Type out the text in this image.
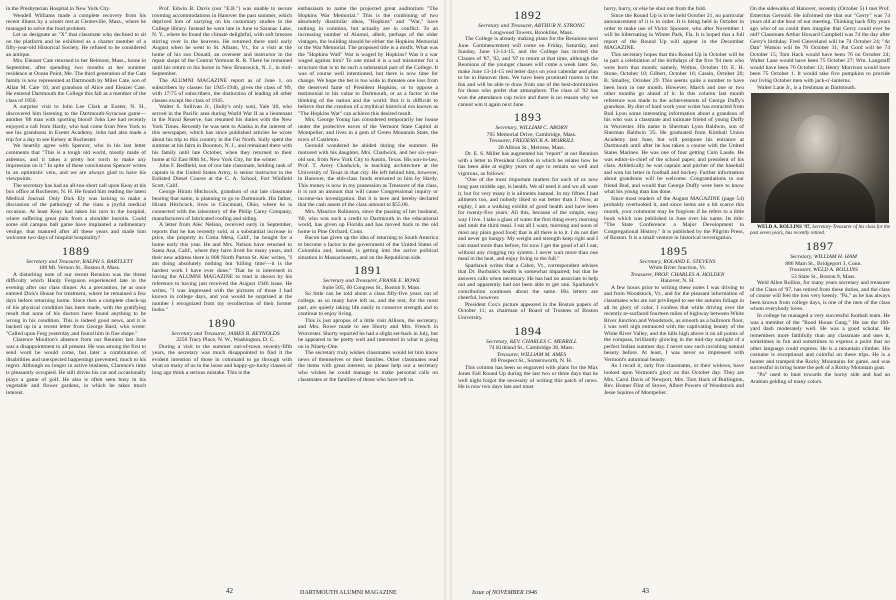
in the Presbyterian Hospital in New York City.

Wendell Williams made a complete recovery from his recent illness by a winter rest at Centreville, Mass., where he managed to solve the food problem.

Let us designate as "X" that classmate who declined to sit on the platform and be exhibited as a charter member of a fifty-year-old Historical Society. He refused to be considered an antique.

Mrs. Eleazer Cate returned to her Belmont, Mass., home in September, after spending two months at her summer residence at Ocean Point, Me. The third generation of the Cate family is now represented at Dartmouth by Miles Cate, son of Allan M. Cate '10, and grandson of Alice and Eleazer Cate. He entered Dartmouth the College this fall as a member of the class of 1950.

A surprise visit to John Lee Clark at Exeter, N. H., discovered him listening to the Dartmouth-Syracuse game—another '88 man with sporting blood! John Lee had recently enjoyed a call from Hardy, who had come from New York to see his grandsons in Exeter Academy. John had also made a trip for a day to see Kelsey at Rochester.

We heartily agree with Spencer, who in his last letter comments that "This is a tough old world, mostly made of asbestos, and it takes a pretty hot torch to make any impression on it." In spite of these conclusions Spencer writes in an optimistic vein, and we are always glad to have his viewpoints.

The secretary has had an all-too-short call upon Keay at his box office at Rochester, N. H. He found him reading the latest Medical Journal. Only Dick Ely was lacking to make a discussion of the pathology of the class a joyful medical occasion. At least Keay had taken his turn in the hospital, where suffering great pain from a shoulder bursitis. Could some old campus ball game have implanted a rudimentary vestige, that matured after all these years and made him welcome two days of hospital hospitality?

1889

Secretary and Treasurer, RALPH S. BARTLETT

108 Mt. Vernon St., Boston 8, Mass.

A disturbing note of our recent Reunion was the threat difficulty which Hardy Ferguson experienced late in the evening after our class dinner. As a precaution, he at once entered Dick's House for treatment, where he remained a few days before returning home. Since then a complete check-up of his physical condition has been made, with the gratifying result that none of his doctors have found anything to be wrong in his condition. This is indeed good news, and it is backed up in a recent letter from George Bard, who wrote: "Called upon Ferg yesterday and found him in fine shape."

Clarence Moulton's absence from our Reunion last June was a disappointment to all present. He was among the first to send word he would come, but later a combination of disabilities and unexpected happenings prevented, much to his regret. Although no longer in active business, Clarence's time is pleasantly occupied. He still drives his car and occasionally plays a game of golf. He also is often seen busy in his vegetable and flower gardens, in which he takes much interest.

Prof. Edwin B. Davis (our "E.B.") was unable to secure rooming accommodations in Hanover the past summer, which deprived him of carrying on his customary studies in the College library. Instead he went late in June to Saranac Lake, N. Y., where he found the climate delightful, with soft breezes stirring over in the heavens. He returned there until early August when he went to St. Albans, Vt., for a visit at the home of his son Donald, an overseer and instructor in the repair shops of the Central Vermont R. R. There he remained until his return to his home in New Brunswick, N. J., in mid-September.

The ALUMNI MAGAZINE report as of June 1, on subscribers by classes for 1945-1946, gives the class of '89, with 17/75 of subscribers, the distinction of leading all other classes except the class of 1945.

Walter S. Sullivan Jr., (Sully's only son), Yale '40, who served in the Pacific area during World War II as a lieutenant in the Naval Reserve, has resumed his duties with the New York Times. Recently he was sent to Alaska in the interest of this newspaper, which has since published articles he wrote about his trip to this country in the Far North. Sully spent the summer at his farm in Boonton, N. J., and remained there with his family until late October, when they returned to their home at 62 East 80th St., New York City, for the winter.

John F. Redfield, son of our late classmate, holding rank of captain in the United States Army, is senior instructor in the Enlisted Diesel Course at the C. A. School, Fort Winfield Scott, Calif.

George Hiram Hitchcock, grandson of our late classmate bearing that name, is planning to go to Dartmouth. His father, Hiram Hitchcock, lives in Cincinnati, Ohio, where he is connected with the laboratory of the Philip Carey Company, manufacturers of fabricated roofing and siding.

A letter from Alec Nelson, received early in September, reports that he has recently sold, at a substantial increase in price, the property in Costa Mesa, Calif., he bought for a home early this year. He and Mrs. Nelson have returned to Santa Ana, Calif., where they have lived for many years, and their new address there is 808 North Parton St. Alec writes, "I am doing absolutely nothing but 'killing time'—it is the hardest work I have ever done." That he is interested in having the ALUMNI MAGAZINE to read is shown by his reference to having just received the August 1946 issue. He writes, "I was impressed with the pictures of those I had known in college days, and you would be surprised at the number I recognized from my recollection of their former looks."

1890

Secretary and Treasurer, JAMES B. REYNOLDS

2256 Tracy Place, N. W., Washington, D. C.

During a visit to the summer out-of-town seventy-fifth years, the secretary was much disappointed to find it the evident intention of those in command to go through with what so many of us in the loose and happy-go-lucky classes of long ago think a serious mistake. This is the

enthusiasm to name the projected great auditorium "The Hopkins War Memorial." This is the combining of two absolutely dissimilar ideas, "Hopkins" and "War," have nothing in common, but actually are in conflict. To an increasing number of Alumni, albeit, perhaps of the older vintages, the building should be either the Hopkins Memorial or the War Memorial. The proposed title is a misfit. What was the "Hopkins Wall" War is waged by Hopkins? Was it a war waged against him? To one mind it is a sad misnomer for a structure that is to be such a substantial part of the College. It was of course well intentioned, but there is now time for change. We hope the bet is too wide to threaten one loss from the deserved fame of President Hopkins, or to oppose a testimonial to his value to Dartmouth, or as a factor in the thinking of the nation and the world. But it is difficult to believe that the creation of a mythical historical era known as "The Hopkins War" can achieve this desired result.

Mrs. George Young has considered temporarily her house under the protective eaves of the Vermont State Capitol at Montpelier, and lives in a gem of Green Mountain State, the town of Castleton.

Gerould wondered he abided during the summer. He motored with his daughter, Mrs. Chadwick, and her six-year-old son, from New York City to Austin, Texas. His son-in-law, Prof. T. Avery Chadwick, is teaching architecture at the University of Texas in that city. He left behind him, however, in Hanover, the ebb-class funds entrusted to him by Hardy. This money is now in my possession as Treasurer of the class, it is not an amount that will cause Congressional inquiry or income-tax investigation. But it is here and hereby declared that the cash assets of the class amount to $55.06.

Mrs. Maurice Robinson, since the passing of her husband, '60, who was such a credit to Dartmouth in the educational world, has given up Florida and has moved back to the old home in Pine Orchard, Conn.

Bacon has given up the idea of returning to South America to become a factor in the government of the United States of Colombia and, instead, is getting into the active political situation in Massachusetts, and on the Republican side.

1891

Secretary and Treasurer, FRANK E. ROWE

Suite 505, 60 Congress St., Boston 9, Mass.

So little can be told about a class fifty-five years out of college, as so many have left us, and the rest, for the most part, are quietly taking life easily to conserve strength and to continue to enjoy living.

This is just apropos of a little visit Allison, the secretary, and Mrs. Rowe made to see Shorty and Mrs. French in Worcester. Shorty reported he had a slight set-back in July, but he appeared to be pretty well and interested in what is going on in Ninety-One.

The secretary truly wishes classmates would let him know news of themselves or their families. Other classmates read the items with great interest, so please help our a secretary who wishes he could manage to make personal calls on classmates or the families of those who have left us.

42	DARTMOUTH ALUMNI MAGAZINE
1892

Secretary and Treasurer, ARTHUR N. STRONG

Longwood Towers, Brookline, Mass.

The College is already making plans for the Reunions next June. Commencement will come on Friday, Saturday, and Sunday, June 13-14-15, and the College has invited the Classes of '87, '92, and '97 to return at that time, although the Reunions of the younger classes will come a week later. So, make June 13-14-15 red letter days on your calendar and plan to be in Hanover then. We have been promised rooms in the Inn and will be able to draw from one of the best-dormitories for those who prefer that atmosphere. The class of '92 has won the attendance cup twice and there is no reason why we cannot win it again next June.

1893

Secretary, WILLIAM C. ABORN

795 Memorial Drive, Cambridge, Mass.

Treasurer, FREDERICK A. MORRILL

20 Albion St., Melrose, Mass.

Dr. E. S. Miller has augmented his "report" at our Reunion with a letter to President Gordon in which he relates how he has been able at eighty years of age to remain so well and vigorous, as follows:

"One of the most important matters for each of us now long past middle age, is health. We all need it and we all want it, but for very many it is ailments instead. In my fifties I had ailments too, and nobody liked to eat better than I. Now, at eighty, I am a walking exhibit of good health and have been for twenty-five years. All this, because of the simple, easy way I live. I take a glass of water the first thing every morning and omit the third meal. I eat all I want, morning and noon of most any plain good food; that is all there is to it. I do not diet and never go hungry. My weight and strength keep right and I can stand more than before, for now I get the good of all I eat, without any clogging my system. I never wait more than one meal in the heat, and enjoy living to the full."

Sparhawk writes that a Cabot, Vt., correspondent advises that Dr. Burbank's health is somewhat impaired, but that he answers calls when necessary. He has had no associate to help out and apparently had not been able to get one. Sparhawk's contribution continues about the same. His letters are cheerful, however.

President Cox's picture appeared in the Boston papers of October 11; as chairman of Board of Trustees of Boston University.

1894

Secretary, REV. CHARLES C. MERRILL

74 Kirkland St., Cambridge 38, Mass.

Treasurer, WILLIAM M. AMES

69 Prospect St., Somersworth, N. H.

This column has been so engraved with plans for the Max Jones Fall Round Up during the last two or three days that he well night forgot the necessity of writing this patch of news. He is now two days late and must

hurry, hurry, or else be shut out from the fold.

Since the Round Up is to be held October 21, no particular announcement of it is in order. It is being held in October in order to make use of Victor Spooner, who after November 1 will be hibernating in Winter Park, Fla. It is hoped that a full report of the Round Up will appear in the December MAGAZINE.

This secretary hopes that this Round Up in October will be in part a celebration of the birthdays of the five '94 men who were born that month; namely, Woltus, October 10; E. H. Stone, October 10; Gilbert, October 16; Cassin, October 20; B. Smalley, October 29. This seems quite a number to have been born in one month. However, March and one or two other months go ahead of it. In this column last month reference was made to the achievements of George Duffy's grandson. By dint of hard work your writer has extracted from Bud Lyon some interesting information about a grandson of his who was a classmate and intimate friend of young Duffy in Worcester. His name is Sherman Lyon Baldwin, son of Sherman Baldwin '25. He graduated from Kimball Union Academy last June, but will postpone his entrance at Dartmouth until after he has taken a course with the United States Marines. He was one of four getting Cum Laude. He was editor-in-chief of the school paper, and president of his class. Athletically he was captain and pitcher of the baseball and won his letter in football and hockey. Further information about grandsons will be welcome. Congratulations to our friend Bud, and would that George Duffy were here to know what his young man has done.

Since most readers of the August MAGAZINE (page 54) probably overlooked it, and since items are a bit scarce this month, your columnist may be forgiven if he refers to a little book which was published in June over his name. Its title: "The State Conference: a Major Development in Congregational History." It is published by the Pilgrim Press, of Boston. It is a small venture in historical investigation.

1895

Secretary, ROLAND E. STEVENS

White River Junction, Vt.

Treasurer, PROF. CHARLES A. HOLDEN

Hanover, N. H.

A few hours prior to writing these notes I was driving to and from Woodstock, Vt., and for the pleasant information of classmates who are not privileged to see the autumn foliage in all its glory of color, I confess that while driving over the recently re-surfaced fourteen miles of highway between White River Junction and Woodstock, as smooth as a ballroom floor, I was well nigh entranced with the captivating beauty of the White River Valley, and the hills high above it on all points of the compass, brilliantly glowing in the mid-day sunlight of a perfect Indian summer day. I never saw such ravishing natural beauty before. At least, I was never so impressed with Vermont's autumnal beauty.

As I recall it, only five classmates, or their widows, have looked upon Vermont's glory on this October day. They are Mrs. Carol Davis of Newport, Mrs. Tom Hack of Burlington, Rev. Homer Flint of Stowe, Albert Powers of Woodstock and Jesse Squires of Montpelier.

On the sidewalks of Hanover, recently (October 5) I met Prof. Emeritus Gerould. He informed me that our "Gerry" was 74 years old at the hour of our meeting. Thinking back fifty years ago who of us could then imagine that Gerry could ever be old? Classmate Arthur Howard Campbell was 74 the day after Gerry's birthday. Fred Cleaveland will be 74 October 24; "At Dan" Watson will be 76 October 31; Pat Gord will be 74 October 15; Tom Hack would have been 76 on October 24; Walter Lane would have been 75 October 27; Wm. Langstaff would have been 76 October 13; Henry Morrison would have been 75 October 1. It would take five pumpkins to provide our living October men with jack-o'-lanterns.

Walter Lane Jr., is a freshman at Dartmouth.

WELD A. ROLLINS '97, Secretary-Treasurer of his class for the past seven years, has recently retired.

1897

Secretary, WILLIAM H. HAM

886 Main St., Bridgeport 3, Conn.

Treasurer, WELD A. ROLLINS

53 State St., Boston 9, Mass.

Weld Allen Rollins, for many years secretary and treasurer of the Class of '97, has retired from these duties, and the class of course will feel the loss very keenly. "Pa," as he has always been known from college days, is one of the men of the class whom everybody loves.

In college he managed a very successful football team. He was a member of the "Rood House Gang." He ran the 100-yard dash moderately well. He was a good scholar. He remembers more faithfully than any classmate and uses it, sometimes in fun and sometimes to express a point that no other language could express. He is a mountain climber. His costume is exceptional and colorful on these trips. He is a hunter and tramped the Rocky Mountains for game, and was successful in bring home the pelt of a Rocky Mountain goat.

"Pa" used to hunt towards the horny side and had an Arabian gelding of many colors.

Issue of NOVEMBER 1946	43
